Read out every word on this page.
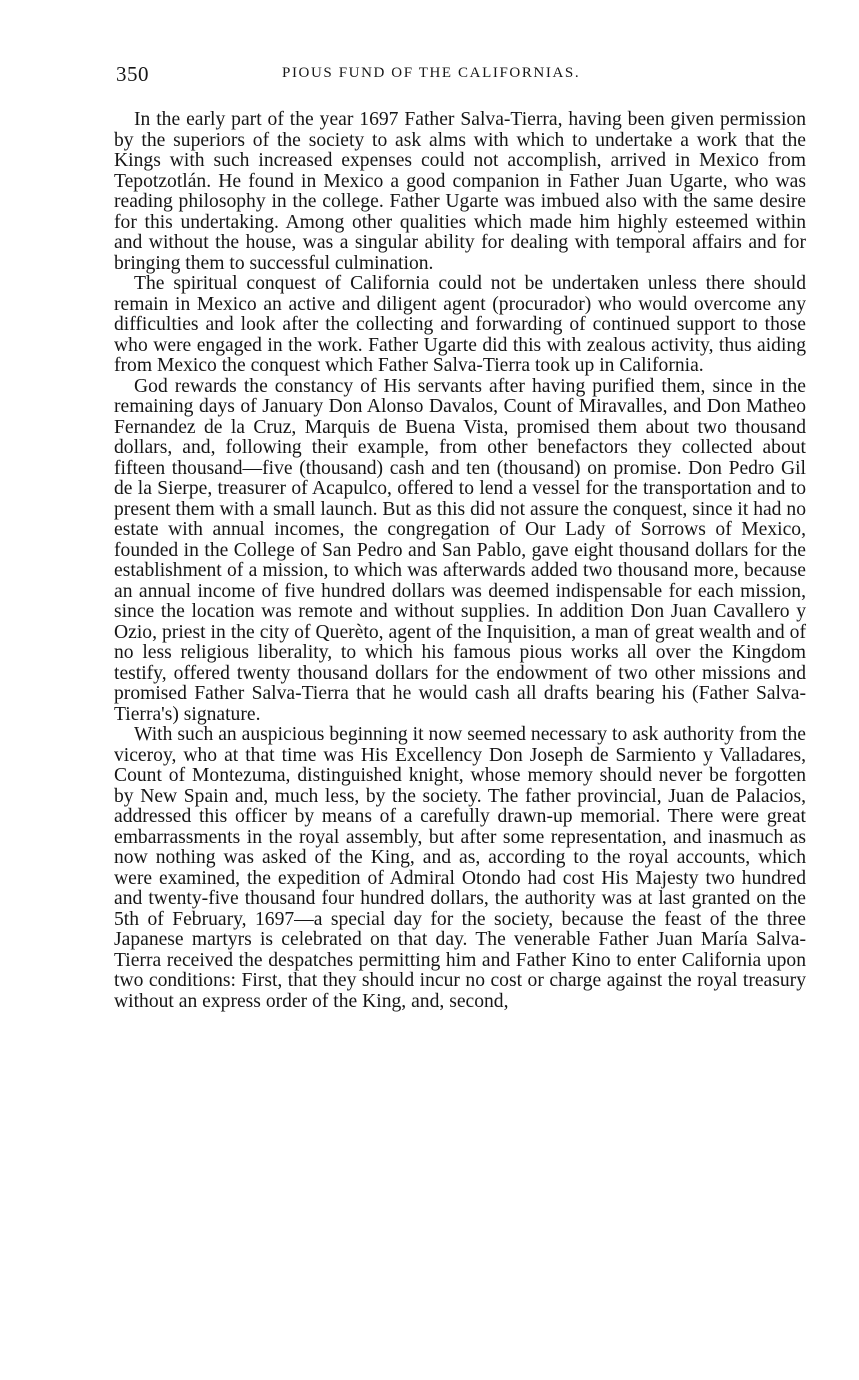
350	PIOUS FUND OF THE CALIFORNIAS.

In the early part of the year 1697 Father Salva-Tierra, having been given permission by the superiors of the society to ask alms with which to undertake a work that the Kings with such increased expenses could not accomplish, arrived in Mexico from Tepotzotlán. He found in Mexico a good companion in Father Juan Ugarte, who was reading philosophy in the college. Father Ugarte was imbued also with the same desire for this undertaking. Among other qualities which made him highly esteemed within and without the house, was a singular ability for dealing with temporal affairs and for bringing them to successful culmination.

The spiritual conquest of California could not be undertaken unless there should remain in Mexico an active and diligent agent (procurador) who would overcome any difficulties and look after the collecting and forwarding of continued support to those who were engaged in the work. Father Ugarte did this with zealous activity, thus aiding from Mexico the conquest which Father Salva-Tierra took up in California.

God rewards the constancy of His servants after having purified them, since in the remaining days of January Don Alonso Davalos, Count of Miravalles, and Don Matheo Fernandez de la Cruz, Marquis de Buena Vista, promised them about two thousand dollars, and, following their example, from other benefactors they collected about fifteen thousand—five (thousand) cash and ten (thousand) on promise. Don Pedro Gil de la Sierpe, treasurer of Acapulco, offered to lend a vessel for the transportation and to present them with a small launch. But as this did not assure the conquest, since it had no estate with annual incomes, the congregation of Our Lady of Sorrows of Mexico, founded in the College of San Pedro and San Pablo, gave eight thousand dollars for the establishment of a mission, to which was afterwards added two thousand more, because an annual income of five hundred dollars was deemed indispensable for each mission, since the location was remote and without supplies. In addition Don Juan Cavallero y Ozio, priest in the city of Querèto, agent of the Inquisition, a man of great wealth and of no less religious liberality, to which his famous pious works all over the Kingdom testify, offered twenty thousand dollars for the endowment of two other missions and promised Father Salva-Tierra that he would cash all drafts bearing his (Father Salva-Tierra's) signature.

With such an auspicious beginning it now seemed necessary to ask authority from the viceroy, who at that time was His Excellency Don Joseph de Sarmiento y Valladares, Count of Montezuma, distinguished knight, whose memory should never be forgotten by New Spain and, much less, by the society. The father provincial, Juan de Palacios, addressed this officer by means of a carefully drawn-up memorial. There were great embarrassments in the royal assembly, but after some representation, and inasmuch as now nothing was asked of the King, and as, according to the royal accounts, which were examined, the expedition of Admiral Otondo had cost His Majesty two hundred and twenty-five thousand four hundred dollars, the authority was at last granted on the 5th of February, 1697—a special day for the society, because the feast of the three Japanese martyrs is celebrated on that day. The venerable Father Juan María Salva-Tierra received the despatches permitting him and Father Kino to enter California upon two conditions: First, that they should incur no cost or charge against the royal treasury without an express order of the King, and, second,
